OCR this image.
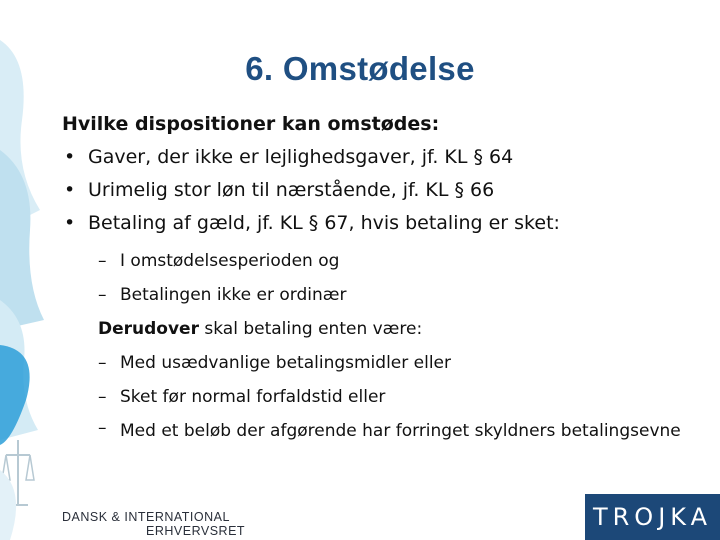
6. Omstødelse
Hvilke dispositioner kan omstødes:
• Gaver, der ikke er lejlighedsgaver, jf. KL § 64
• Urimelig stor løn til nærstående, jf. KL § 66
• Betaling af gæld, jf. KL § 67, hvis betaling er sket:
– I omstødelsesperioden og
– Betalingen ikke er ordinær
Derudover skal betaling enten være:
– Med usædvanlige betalingsmidler eller
– Sket før normal forfaldstid eller
– Med et beløb der afgørende har forringet skyldners betalingsevne
DANSK & INTERNATIONAL
ERHVERVSRET	TROJKA
